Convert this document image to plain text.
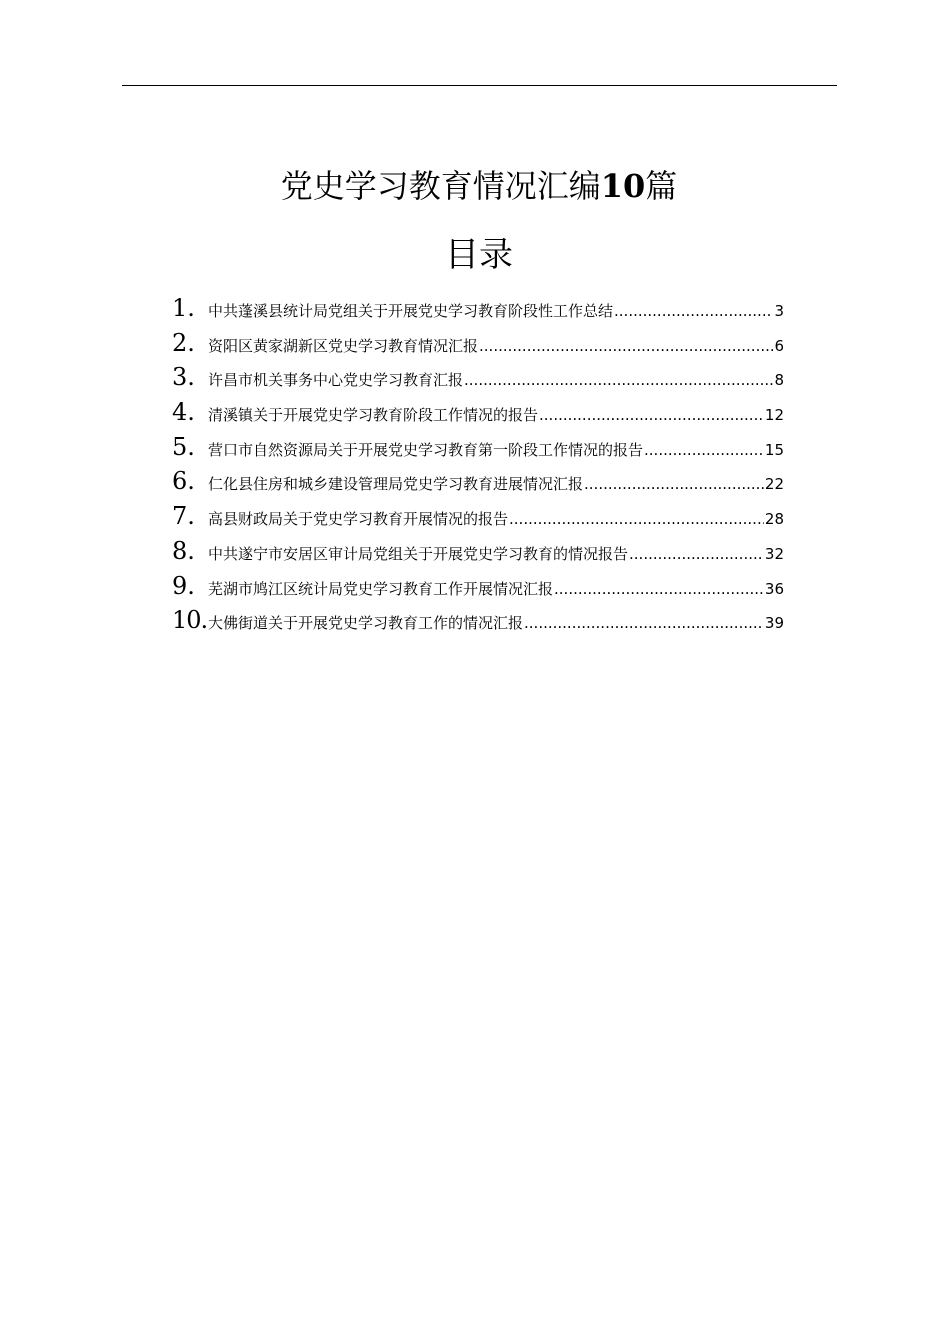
党史学习教育情况汇编10篇
目录
1. 中共蓬溪县统计局党组关于开展党史学习教育阶段性工作总结 .....	3
2. 资阳区黄家湖新区党史学习教育情况汇报 .....	6
3. 许昌市机关事务中心党史学习教育汇报 .....	8
4. 清溪镇关于开展党史学习教育阶段工作情况的报告 .....	12
5. 营口市自然资源局关于开展党史学习教育第一阶段工作情况的报告 .....	15
6. 仁化县住房和城乡建设管理局党史学习教育进展情况汇报 .....	22
7. 高县财政局关于党史学习教育开展情况的报告 .....	28
8. 中共遂宁市安居区审计局党组关于开展党史学习教育的情况报告 .....	32
9. 芜湖市鸠江区统计局党史学习教育工作开展情况汇报 .....	36
10. 大佛街道关于开展党史学习教育工作的情况汇报 .....	39
